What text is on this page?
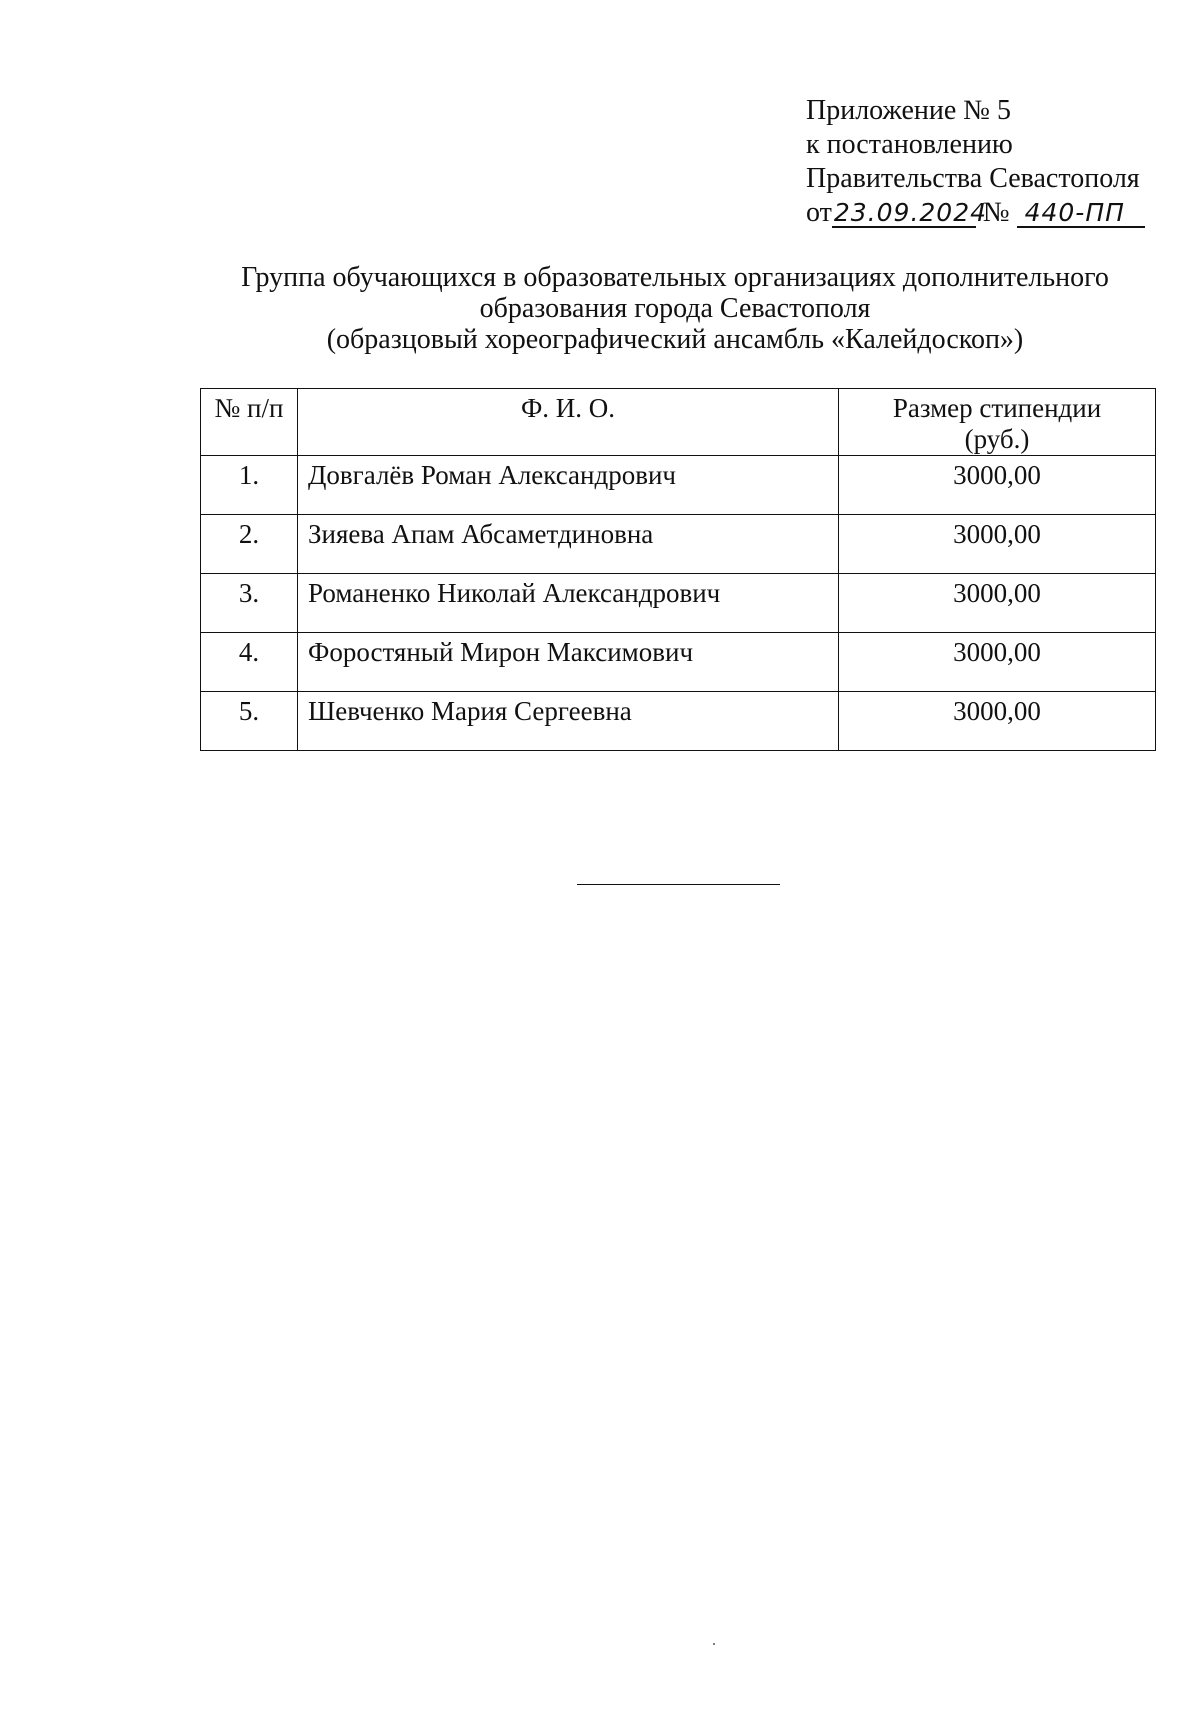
Приложение № 5
к постановлению
Правительства Севастополя
от23.09.2024 № 440-ПП
Группа обучающихся в образовательных организациях дополнительного
образования города Севастополя
(образцовый хореографический ансамбль «Калейдоскоп»)
№ п/п	Ф. И. О.	Размер стипендии
(руб.)

1.	Довгалёв Роман Александрович	3000,00
2.	Зияева Апам Абсаметдиновна	3000,00
3.	Романенко Николай Александрович	3000,00
4.	Форостяный Мирон Максимович	3000,00
5.	Шевченко Мария Сергеевна	3000,00
